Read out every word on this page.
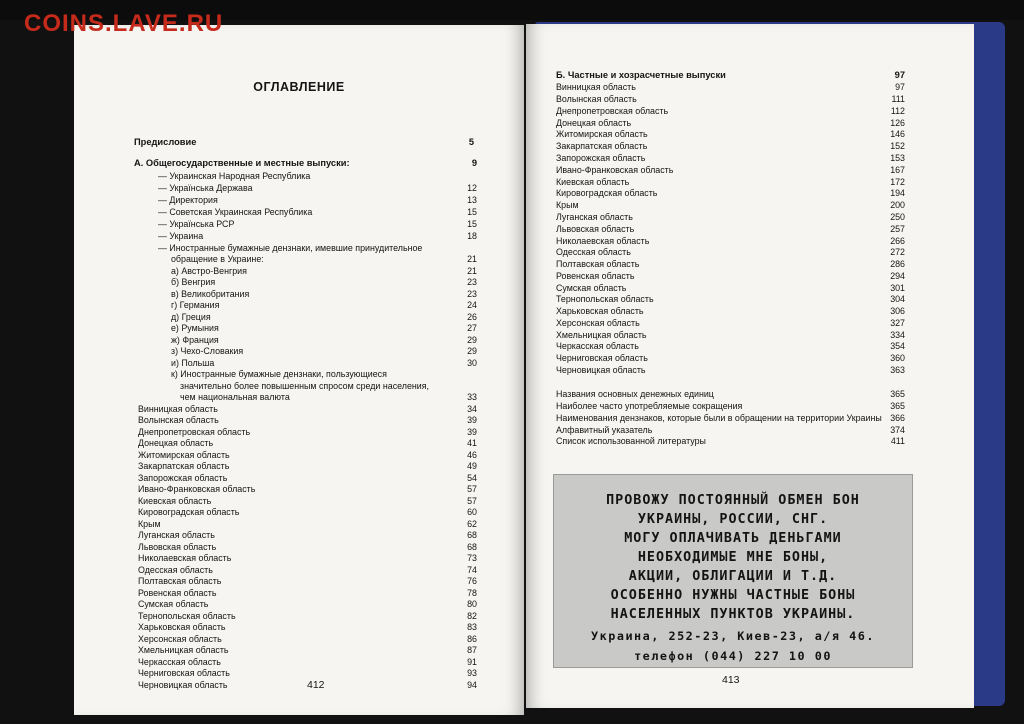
ОГЛАВЛЕНИЕ
Предисловие	5
А. Общегосударственные и местные выпуски:	9
— Украинская Народная Республика
— Українська Держава	12
— Директория	13
— Советская Украинская Республика	15
— Українська РСР	15
— Украина	18
— Иностранные бумажные дензнаки, имевшие принудительное
обращение в Украине:	21
а) Австро-Венгрия	21
б) Венгрия	23
в) Великобритания	23
г) Германия	24
д) Греция	26
е) Румыния	27
ж) Франция	29
з) Чехо-Словакия	29
и) Польша	30
к) Иностранные бумажные дензнаки, пользующиеся
значительно более повышенным спросом среди населения,
чем национальная валюта	33
Винницкая область	34
Волынская область	39
Днепропетровская область	39
Донецкая область	41
Житомирская область	46
Закарпатская область	49
Запорожская область	54
Ивано-Франковская область	57
Киевская область	57
Кировоградская область	60
Крым	62
Луганская область	68
Львовская область	68
Николаевская область	73
Одесская область	74
Полтавская область	76
Ровенская область	78
Сумская область	80
Тернопольская область	82
Харьковская область	83
Херсонская область	86
Хмельницкая область	87
Черкасская область	91
Черниговская область	93
Черновицкая область	94
412
Б. Частные и хозрасчетные выпуски	97
Винницкая область	97
Волынская область	111
Днепропетровская область	112
Донецкая область	126
Житомирская область	146
Закарпатская область	152
Запорожская область	153
Ивано-Франковская область	167
Киевская область	172
Кировоградская область	194
Крым	200
Луганская область	250
Львовская область	257
Николаевская область	266
Одесская область	272
Полтавская область	286
Ровенская область	294
Сумская область	301
Тернопольская область	304
Харьковская область	306
Херсонская область	327
Хмельницкая область	334
Черкасская область	354
Черниговская область	360
Черновицкая область	363
Названия основных денежных единиц	365
Наиболее часто употребляемые сокращения	365
Наименования дензнаков, которые были в обращении на территории Украины 366
Алфавитный указатель	374
Список использованной литературы	411
ПРОВОЖУ ПОСТОЯННЫЙ ОБМЕН БОН
УКРАИНЫ, РОССИИ, СНГ.
МОГУ ОПЛАЧИВАТЬ ДЕНЬГАМИ
НЕОБХОДИМЫЕ МНЕ БОНЫ,
АКЦИИ, ОБЛИГАЦИИ И Т.Д.
ОСОБЕННО НУЖНЫ ЧАСТНЫЕ БОНЫ
НАСЕЛЕННЫХ ПУНКТОВ УКРАИНЫ.
Украина, 252-23, Киев-23, а/я 46.
телефон (044) 227 10 00
413
COINS.LAVE.RU
